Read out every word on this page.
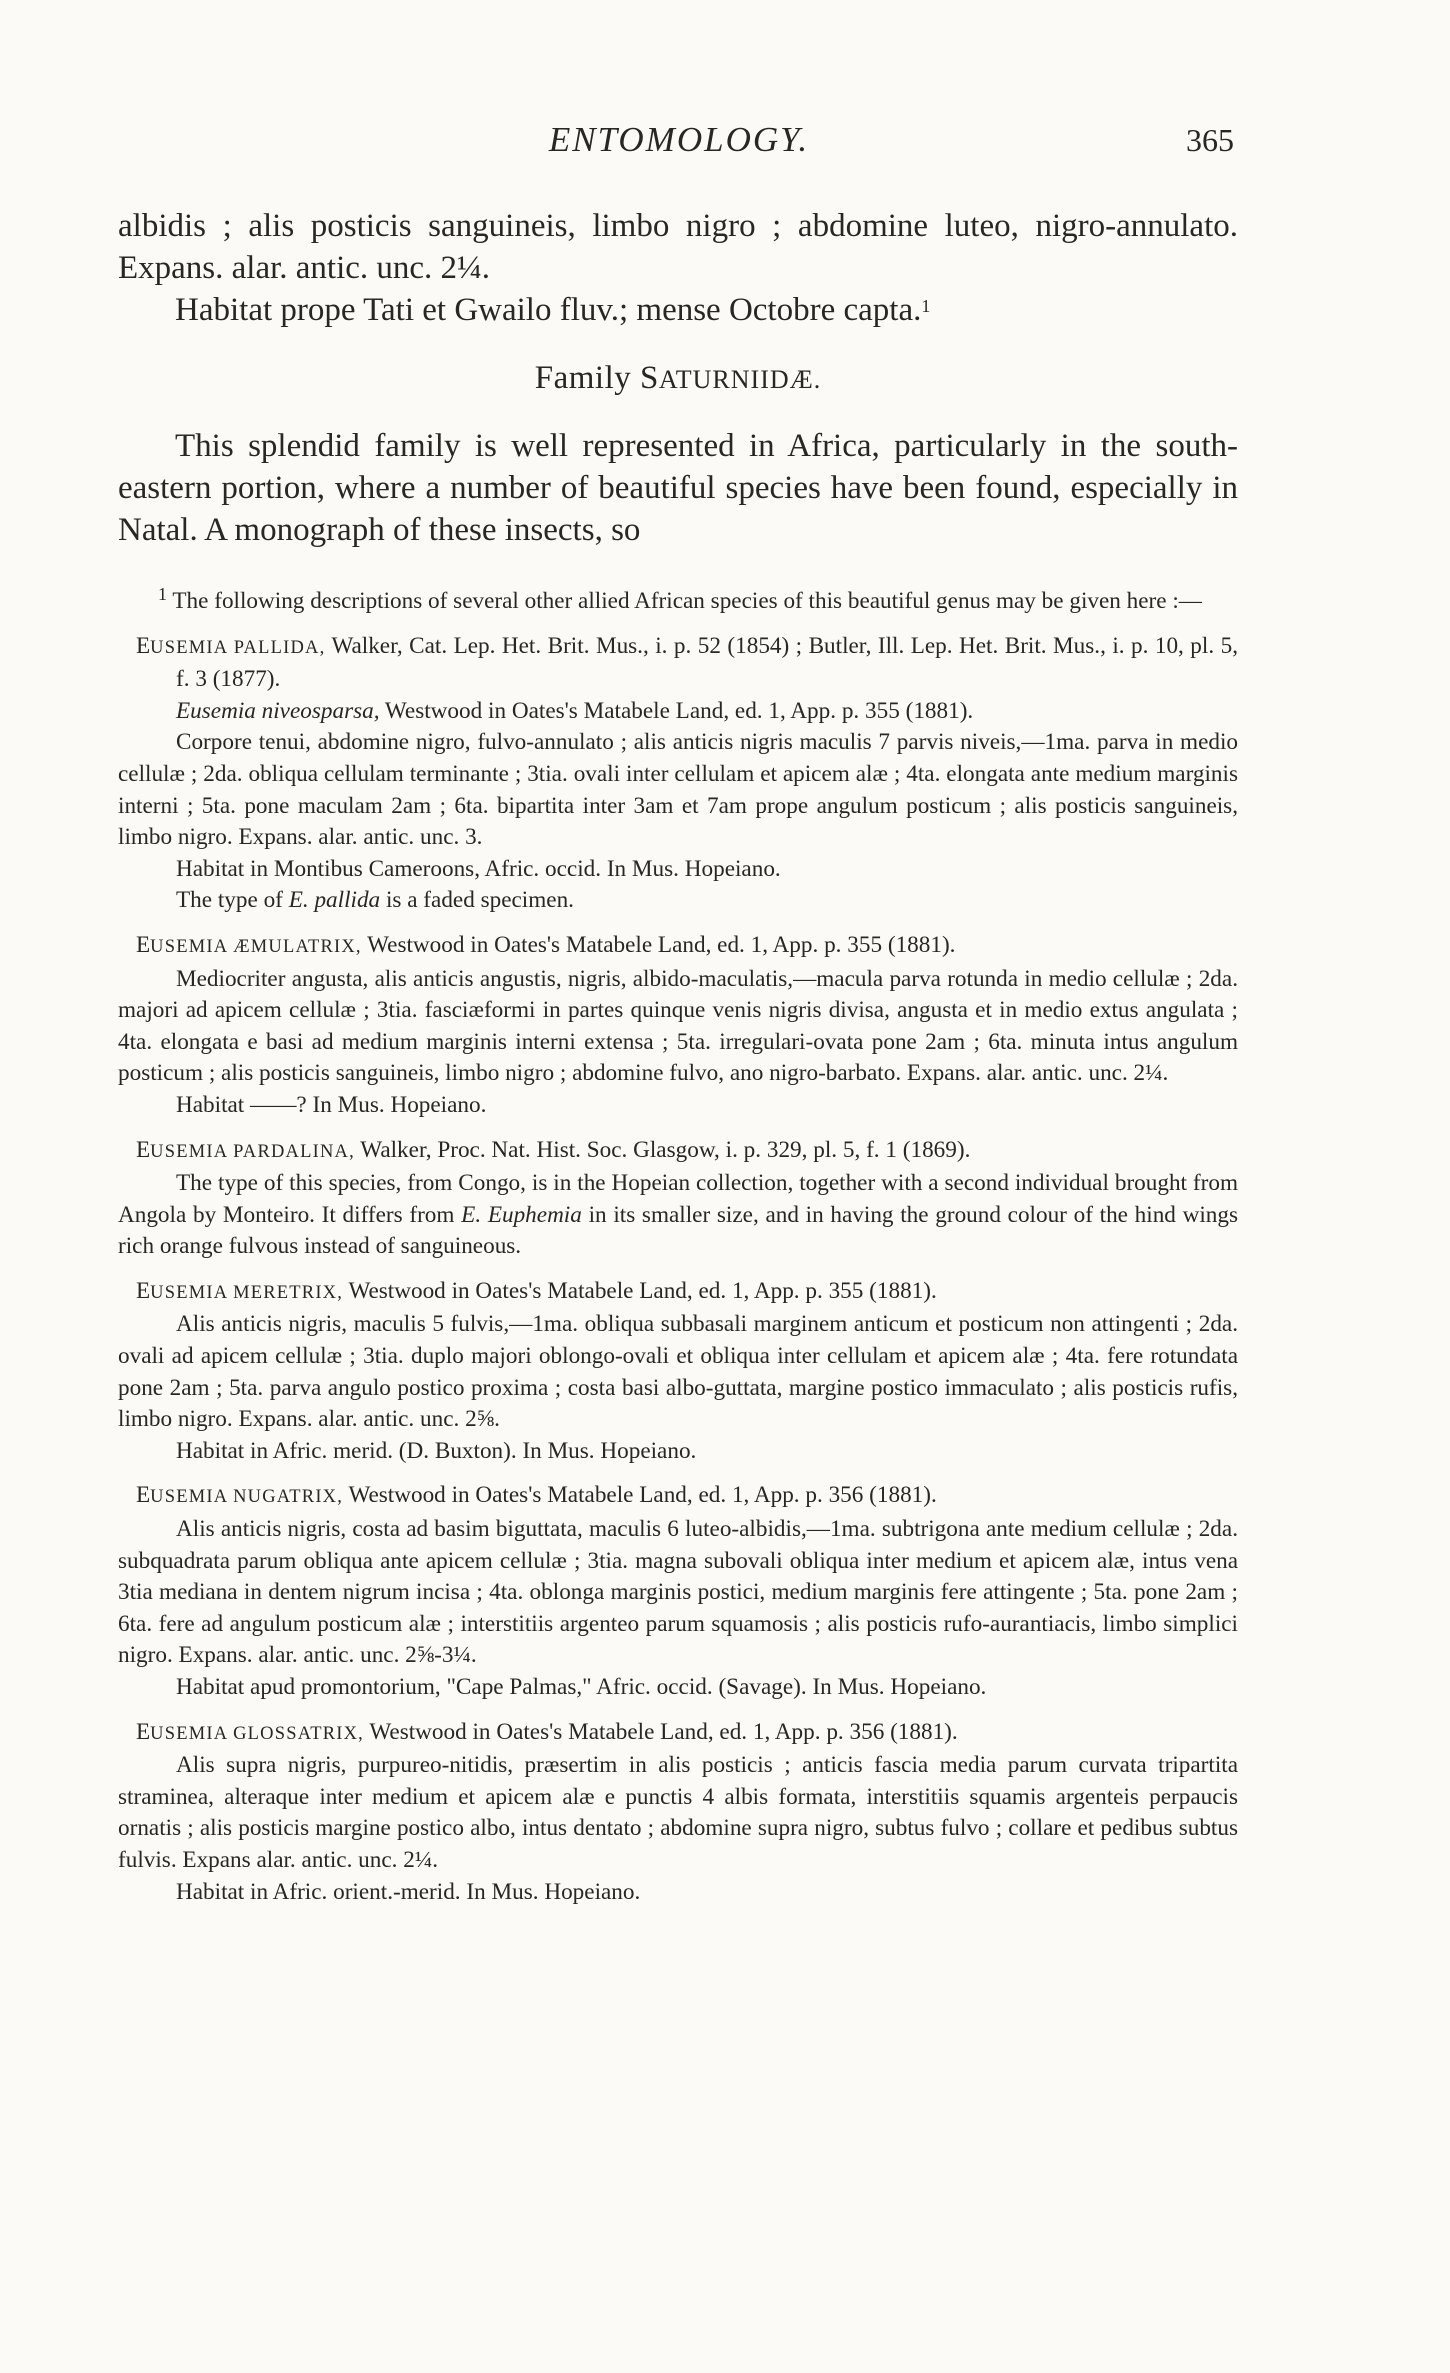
ENTOMOLOGY.	365

albidis ; alis posticis sanguineis, limbo nigro ; abdomine luteo, nigro-annulato. Expans. alar. antic. unc. 2¼.

Habitat prope Tati et Gwailo fluv.; mense Octobre capta.$^1$

Family SATURNIIDÆ.

This splendid family is well represented in Africa, particularly in the south-eastern portion, where a number of beautiful species have been found, especially in Natal. A monograph of these insects, so

$^1$ The following descriptions of several other allied African species of this beautiful genus may be given here :—

EUSEMIA PALLIDA, Walker, Cat. Lep. Het. Brit. Mus., i. p. 52 (1854) ; Butler, Ill. Lep. Het. Brit. Mus., i. p. 10, pl. 5, f. 3 (1877).

Eusemia niveosparsa, Westwood in Oates's Matabele Land, ed. 1, App. p. 355 (1881).

Corpore tenui, abdomine nigro, fulvo-annulato ; alis anticis nigris maculis 7 parvis niveis,—1ma. parva in medio cellulæ ; 2da. obliqua cellulam terminante ; 3tia. ovali inter cellulam et apicem alæ ; 4ta. elongata ante medium marginis interni ; 5ta. pone maculam 2am ; 6ta. bipartita inter 3am et 7am prope angulum posticum ; alis posticis sanguineis, limbo nigro. Expans. alar. antic. unc. 3.

Habitat in Montibus Cameroons, Afric. occid. In Mus. Hopeiano.

The type of E. pallida is a faded specimen.

EUSEMIA ÆMULATRIX, Westwood in Oates's Matabele Land, ed. 1, App. p. 355 (1881).

Mediocriter angusta, alis anticis angustis, nigris, albido-maculatis,—macula parva rotunda in medio cellulæ ; 2da. majori ad apicem cellulæ ; 3tia. fasciæformi in partes quinque venis nigris divisa, angusta et in medio extus angulata ; 4ta. elongata e basi ad medium marginis interni extensa ; 5ta. irregulari-ovata pone 2am ; 6ta. minuta intus angulum posticum ; alis posticis sanguineis, limbo nigro ; abdomine fulvo, ano nigro-barbato. Expans. alar. antic. unc. 2¼.

Habitat ——? In Mus. Hopeiano.

EUSEMIA PARDALINA, Walker, Proc. Nat. Hist. Soc. Glasgow, i. p. 329, pl. 5, f. 1 (1869).

The type of this species, from Congo, is in the Hopeian collection, together with a second individual brought from Angola by Monteiro. It differs from E. Euphemia in its smaller size, and in having the ground colour of the hind wings rich orange fulvous instead of sanguineous.

EUSEMIA MERETRIX, Westwood in Oates's Matabele Land, ed. 1, App. p. 355 (1881).

Alis anticis nigris, maculis 5 fulvis,—1ma. obliqua subbasali marginem anticum et posticum non attingenti ; 2da. ovali ad apicem cellulæ ; 3tia. duplo majori oblongo-ovali et obliqua inter cellulam et apicem alæ ; 4ta. fere rotundata pone 2am ; 5ta. parva angulo postico proxima ; costa basi albo-guttata, margine postico immaculato ; alis posticis rufis, limbo nigro. Expans. alar. antic. unc. 2⅝.

Habitat in Afric. merid. (D. Buxton). In Mus. Hopeiano.

EUSEMIA NUGATRIX, Westwood in Oates's Matabele Land, ed. 1, App. p. 356 (1881).

Alis anticis nigris, costa ad basim biguttata, maculis 6 luteo-albidis,—1ma. subtrigona ante medium cellulæ ; 2da. subquadrata parum obliqua ante apicem cellulæ ; 3tia. magna subovali obliqua inter medium et apicem alæ, intus vena 3tia mediana in dentem nigrum incisa ; 4ta. oblonga marginis postici, medium marginis fere attingente ; 5ta. pone 2am ; 6ta. fere ad angulum posticum alæ ; interstitiis argenteo parum squamosis ; alis posticis rufo-aurantiacis, limbo simplici nigro. Expans. alar. antic. unc. 2⅝-3¼.

Habitat apud promontorium, "Cape Palmas," Afric. occid. (Savage). In Mus. Hopeiano.

EUSEMIA GLOSSATRIX, Westwood in Oates's Matabele Land, ed. 1, App. p. 356 (1881).

Alis supra nigris, purpureo-nitidis, præsertim in alis posticis ; anticis fascia media parum curvata tripartita straminea, alteraque inter medium et apicem alæ e punctis 4 albis formata, interstitiis squamis argenteis perpaucis ornatis ; alis posticis margine postico albo, intus dentato ; abdomine supra nigro, subtus fulvo ; collare et pedibus subtus fulvis. Expans alar. antic. unc. 2¼.

Habitat in Afric. orient.-merid. In Mus. Hopeiano.
